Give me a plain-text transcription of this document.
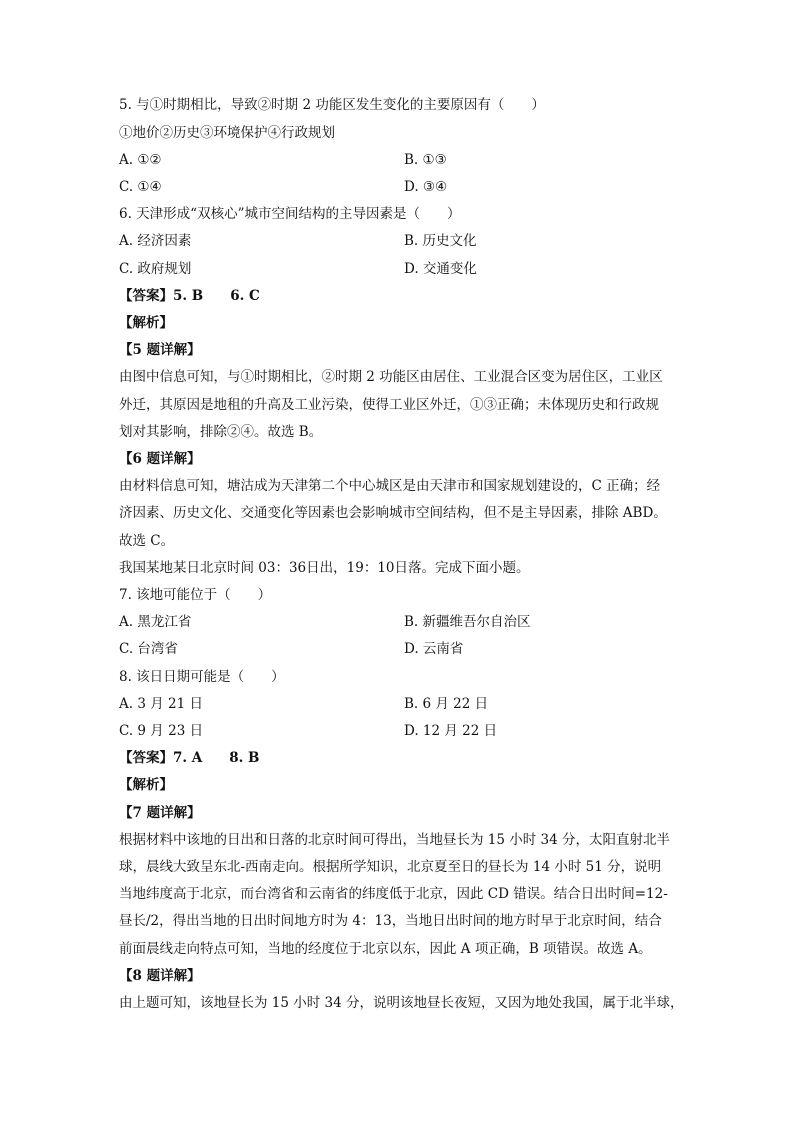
5. 与①时期相比，导致②时期 2 功能区发生变化的主要原因有（　　）
①地价②历史③环境保护④行政规划
A. ①②	B. ①③
C. ①④	D. ③④
6. 天津形成“双核心”城市空间结构的主导因素是（　　）
A. 经济因素	B. 历史文化
C. 政府规划	D. 交通变化
【答案】5. B　　6. C
【解析】
【5 题详解】
由图中信息可知，与①时期相比，②时期 2 功能区由居住、工业混合区变为居住区，工业区
外迁，其原因是地租的升高及工业污染，使得工业区外迁，①③正确；未体现历史和行政规
划对其影响，排除②④。故选 B。
【6 题详解】
由材料信息可知，塘沽成为天津第二个中心城区是由天津市和国家规划建设的，C 正确；经
济因素、历史文化、交通变化等因素也会影响城市空间结构，但不是主导因素，排除 ABD。
故选 C。
我国某地某日北京时间 03：36日出，19：10日落。完成下面小题。
7. 该地可能位于（　　）
A. 黑龙江省	B. 新疆维吾尔自治区
C. 台湾省	D. 云南省
8. 该日日期可能是（　　）
A. 3 月 21 日	B. 6 月 22 日
C. 9 月 23 日	D. 12 月 22 日
【答案】7. A　　8. B
【解析】
【7 题详解】
根据材料中该地的日出和日落的北京时间可得出，当地昼长为 15 小时 34 分，太阳直射北半
球，晨线大致呈东北-西南走向。根据所学知识，北京夏至日的昼长为 14 小时 51 分，说明
当地纬度高于北京，而台湾省和云南省的纬度低于北京，因此 CD 错误。结合日出时间=12-
昼长/2，得出当地的日出时间地方时为 4：13，当地日出时间的地方时早于北京时间，结合
前面晨线走向特点可知，当地的经度位于北京以东，因此 A 项正确，B 项错误。故选 A。
【8 题详解】
由上题可知，该地昼长为 15 小时 34 分，说明该地昼长夜短，又因为地处我国，属于北半球，
